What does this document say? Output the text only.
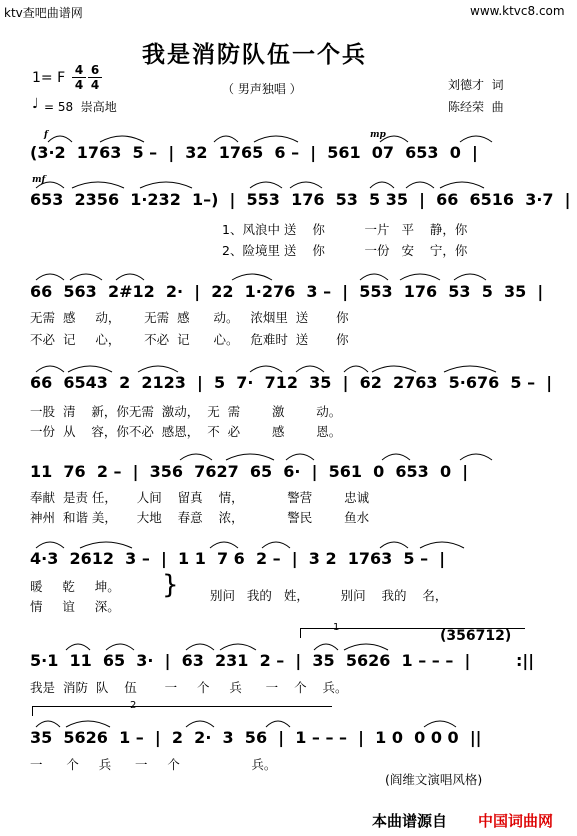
ktv查吧曲谱网	www.ktvc8.com
我是消防队伍一个兵
（ 男声独唱 ）
1= F 4
4
6
4
♩ = 58  崇高地
刘德才  词
陈经荣  曲
f	mp
mf
(3·2  1763  5 –  |  32  1765  6 –  |  561  07  653  0  |
653  2356  1·232  1–)  |  553  176  53  5 35  |  66  6516  3·7  |
1、风浪中 送    你          一片   平    静，你
2、险境里 送    你          一份   安    宁，你
66  563  2#12  2·  |  22  1·276  3 –  |  553  176  53  5  35  |
无需  感     动，      无需  感      动。   浓烟里  送       你
不必  记     心，      不必  记      心。   危难时  送       你
66  6543  2  2123  |  5  7·  712  35  |  62  2763  5·676  5 –  |
一股  清    新，你无需  激动，  无  需        激        动。
一份  从    容，你不必  感恩，  不  必        感        恩。
11  76  2 –  |  356  7627  65  6·  |  561  0  653  0  |
奉献  是责 任，     人间    留真    情，           警营        忠诚
神州  和谐 美，     大地    春意    浓，           警民        鱼水
4·3  2612  3 –  |  1 1  7 6  2 –  |  3 2  1763  5 –  |
暖     乾     坤。
情     谊     深。
}	别问   我的   姓，        别问    我的    名，
1
(356712)
5·1  11  65  3·  |  63  231  2 –  |  35  5626  1 – – –  |	:||
我是  消防  队    伍       一     个     兵      一    个    兵。
2
35  5626  1 –  |  2  2·  3  56  |  1 – – –  |  1 0  0 0 0  ||
一      个     兵      一     个                  兵。
(阎维文演唱风格)
本曲谱源自 中国词曲网
